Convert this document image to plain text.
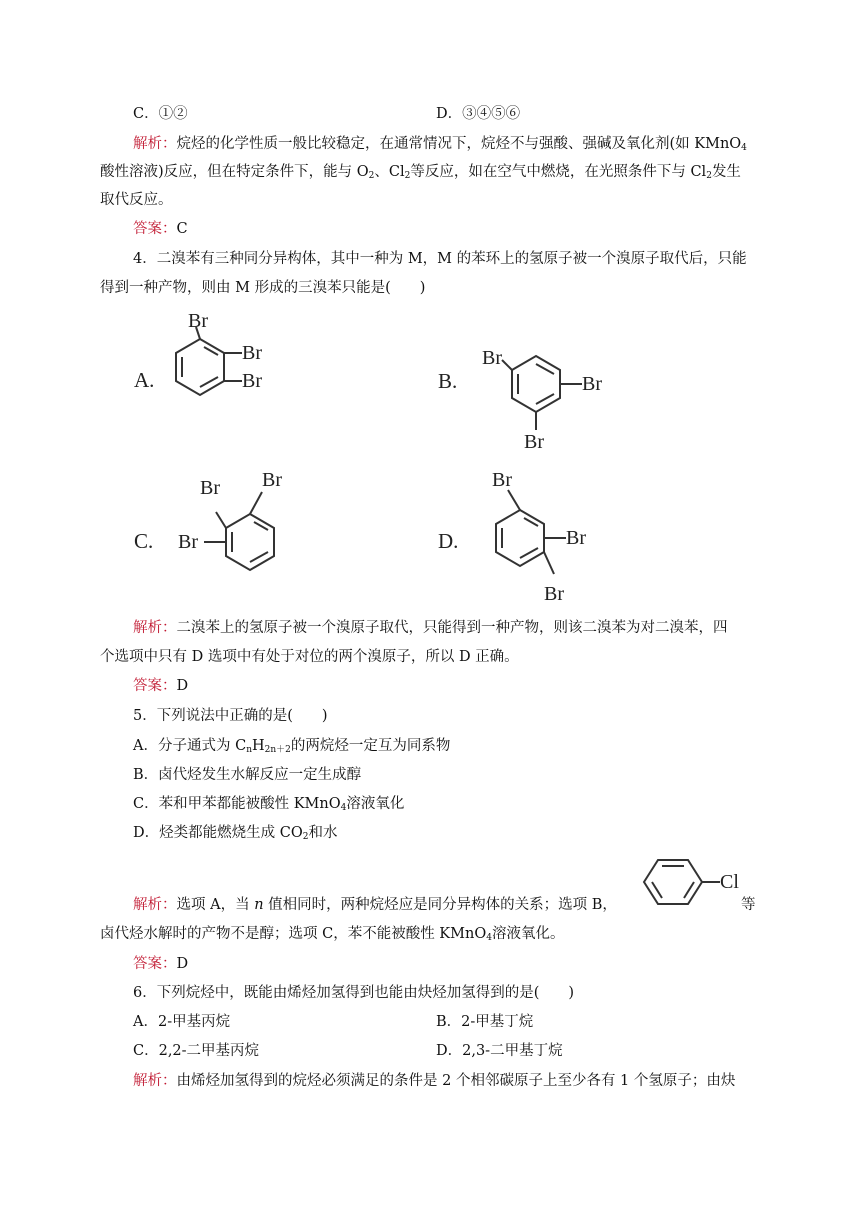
C．①②	D．③④⑤⑥
解析：烷烃的化学性质一般比较稳定，在通常情况下，烷烃不与强酸、强碱及氧化剂(如 KMnO$_4$
酸性溶液)反应，但在特定条件下，能与 $O_2$、$Cl_2$等反应，如在空气中燃烧，在光照条件下与 $Cl_2$发生
取代反应。
答案：C
4．二溴苯有三种同分异构体，其中一种为 M，M 的苯环上的氢原子被一个溴原子取代后，只能
得到一种产物，则由 M 形成的三溴苯只能是(　　)
A.
Br
Br
Br	B.
Br
Br
Br
C.
Br Br
Br	D.
Br
Br
Br
解析：二溴苯上的氢原子被一个溴原子取代，只能得到一种产物，则该二溴苯为对二溴苯，四
个选项中只有 D 选项中有处于对位的两个溴原子，所以 D 正确。
答案：D
5．下列说法中正确的是(　　)
A．分子通式为 $C_nH_{2n+2}$的两烷烃一定互为同系物
B．卤代烃发生水解反应一定生成醇
C．苯和甲苯都能被酸性 KMnO$_4$溶液氧化
D．烃类都能燃烧生成 $CO_2$和水
Cl
解析：选项 A，当 n 值相同时，两种烷烃应是同分异构体的关系；选项 B，	等
卤代烃水解时的产物不是醇；选项 C，苯不能被酸性 KMnO$_4$溶液氧化。
答案：D
6．下列烷烃中，既能由烯烃加氢得到也能由炔烃加氢得到的是(　　)
A．2-甲基丙烷	B．2-甲基丁烷
C．2,2-二甲基丙烷	D．2,3-二甲基丁烷
解析：由烯烃加氢得到的烷烃必须满足的条件是 2 个相邻碳原子上至少各有 1 个氢原子；由炔
